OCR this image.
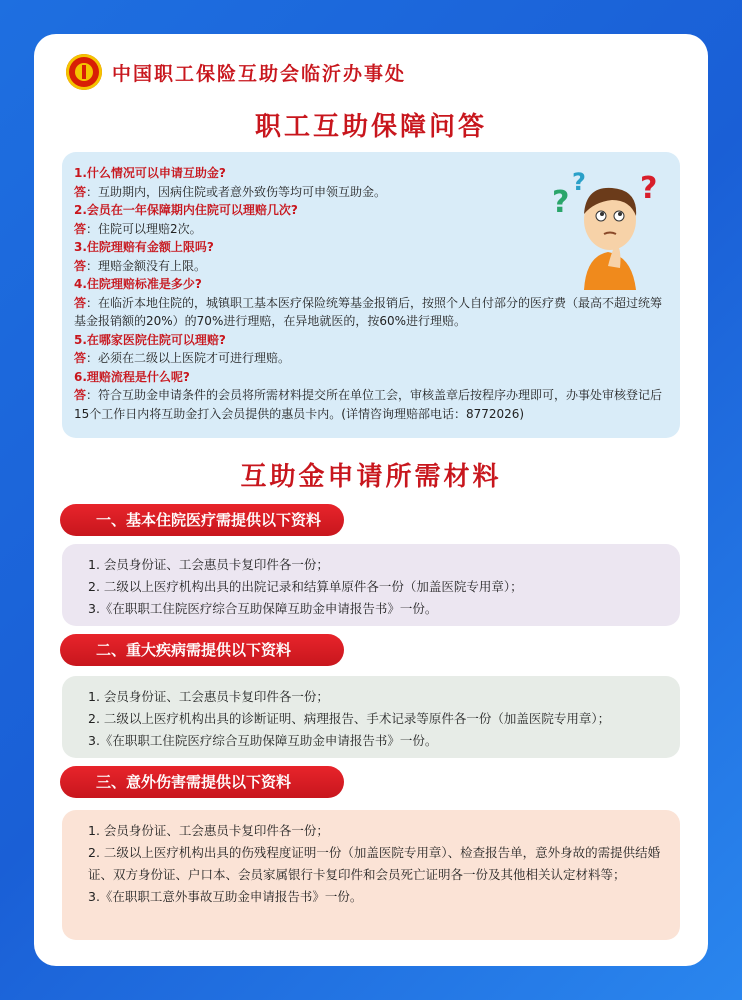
中国职工保险互助会临沂办事处
职工互助保障问答
1.什么情况可以申请互助金?
答：互助期内，因病住院或者意外致伤等均可申领互助金。
2.会员在一年保障期内住院可以理赔几次?
答：住院可以理赔2次。
3.住院理赔有金额上限吗?
答：理赔金额没有上限。
4.住院理赔标准是多少?
答：在临沂本地住院的，城镇职工基本医疗保险统筹基金报销后，按照个人自付部分的医疗费（最高不超过统筹基金报销额的20%）的70%进行理赔，在异地就医的，按60%进行理赔。
5.在哪家医院住院可以理赔?
答：必须在二级以上医院才可进行理赔。
6.理赔流程是什么呢?
答：符合互助金申请条件的会员将所需材料提交所在单位工会，审核盖章后按程序办理即可，办事处审核登记后15个工作日内将互助金打入会员提供的惠员卡内。(详情咨询理赔部电话：8772026)
?
? ?
互助金申请所需材料
一、基本住院医疗需提供以下资料
1. 会员身份证、工会惠员卡复印件各一份；
2. 二级以上医疗机构出具的出院记录和结算单原件各一份（加盖医院专用章）；
3.《在职职工住院医疗综合互助保障互助金申请报告书》一份。
二、重大疾病需提供以下资料
1. 会员身份证、工会惠员卡复印件各一份；
2. 二级以上医疗机构出具的诊断证明、病理报告、手术记录等原件各一份（加盖医院专用章）；
3.《在职职工住院医疗综合互助保障互助金申请报告书》一份。
三、意外伤害需提供以下资料
1. 会员身份证、工会惠员卡复印件各一份；
2. 二级以上医疗机构出具的伤残程度证明一份（加盖医院专用章）、检查报告单，意外身故的需提供结婚证、双方身份证、户口本、会员家属银行卡复印件和会员死亡证明各一份及其他相关认定材料等；
3.《在职职工意外事故互助金申请报告书》一份。
